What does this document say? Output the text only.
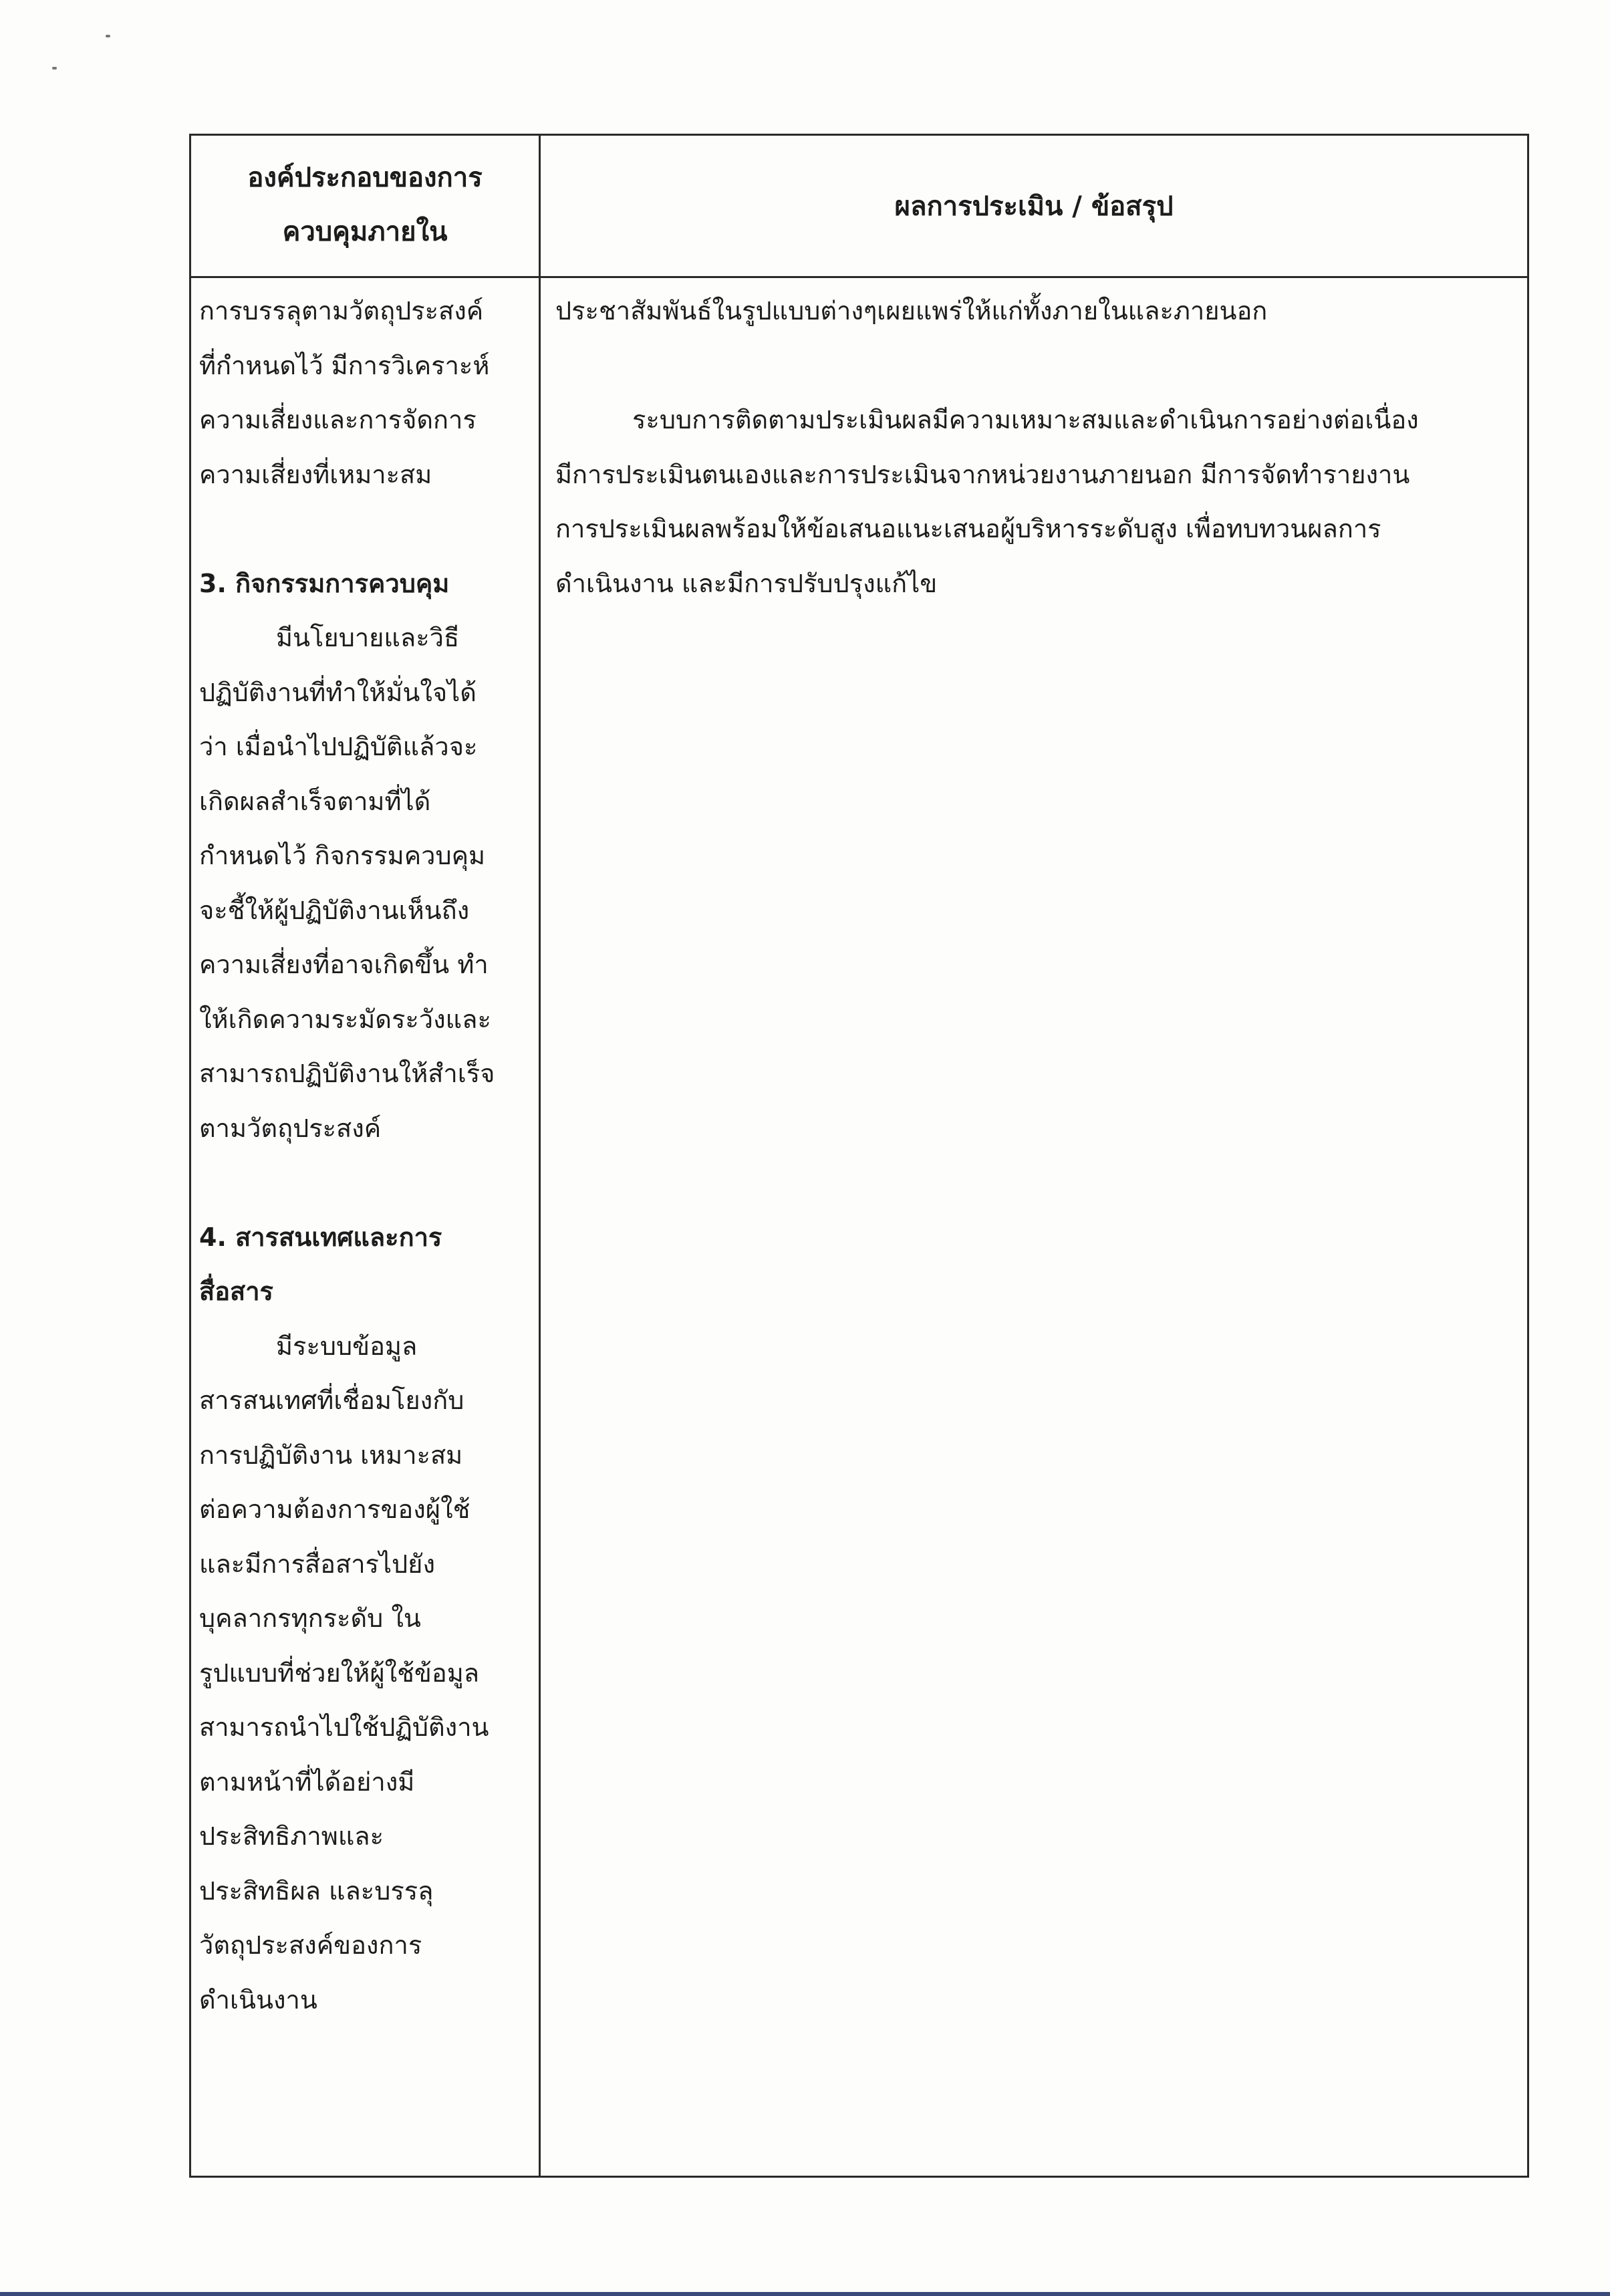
องค์ประกอบของการ
ควบคุมภายใน
ผลการประเมิน / ข้อสรุป
การบรรลุตามวัตถุประสงค์
ที่กำหนดไว้ มีการวิเคราะห์
ความเสี่ยงและการจัดการ
ความเสี่ยงที่เหมาะสม
3. กิจกรรมการควบคุม
มีนโยบายและวิธี
ปฏิบัติงานที่ทำให้มั่นใจได้
ว่า เมื่อนำไปปฏิบัติแล้วจะ
เกิดผลสำเร็จตามที่ได้
กำหนดไว้ กิจกรรมควบคุม
จะชี้ให้ผู้ปฏิบัติงานเห็นถึง
ความเสี่ยงที่อาจเกิดขึ้น ทำ
ให้เกิดความระมัดระวังและ
สามารถปฏิบัติงานให้สำเร็จ
ตามวัตถุประสงค์
4. สารสนเทศและการ
สื่อสาร
มีระบบข้อมูล
สารสนเทศที่เชื่อมโยงกับ
การปฏิบัติงาน เหมาะสม
ต่อความต้องการของผู้ใช้
และมีการสื่อสารไปยัง
บุคลากรทุกระดับ ใน
รูปแบบที่ช่วยให้ผู้ใช้ข้อมูล
สามารถนำไปใช้ปฏิบัติงาน
ตามหน้าที่ได้อย่างมี
ประสิทธิภาพและ
ประสิทธิผล และบรรลุ
วัตถุประสงค์ของการ
ดำเนินงาน
ประชาสัมพันธ์ในรูปแบบต่างๆเผยแพร่ให้แก่ทั้งภายในและภายนอก
ระบบการติดตามประเมินผลมีความเหมาะสมและดำเนินการอย่างต่อเนื่อง
มีการประเมินตนเองและการประเมินจากหน่วยงานภายนอก มีการจัดทำรายงาน
การประเมินผลพร้อมให้ข้อเสนอแนะเสนอผู้บริหารระดับสูง เพื่อทบทวนผลการ
ดำเนินงาน และมีการปรับปรุงแก้ไข
